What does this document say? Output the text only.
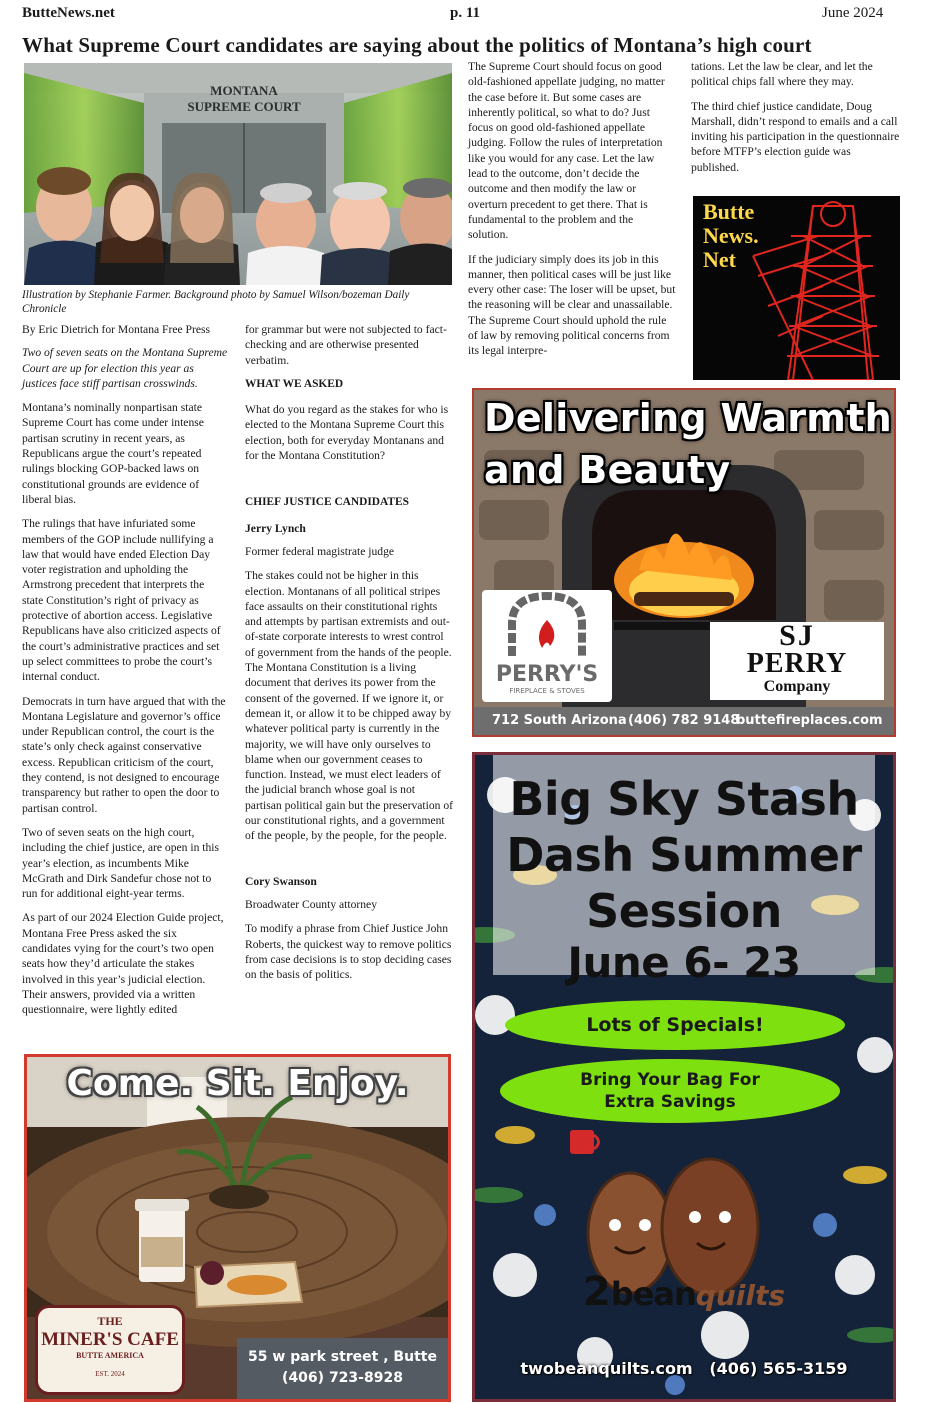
ButteNews.net	p. 11	June 2024
What Supreme Court candidates are saying about the politics of Montana’s high court
MONTANA
SUPREME COURT
Illustration by Stephanie Farmer. Background photo by Samuel Wilson/bozeman Daily Chronicle

By Eric Dietrich for Montana Free Press

Two of seven seats on the Montana Supreme Court are up for election this year as justices face stiff partisan crosswinds.

Montana’s nominally nonpartisan state Supreme Court has come under intense partisan scrutiny in recent years, as Republicans argue the court’s repeated rulings blocking GOP-backed laws on constitutional grounds are evidence of liberal bias.

The rulings that have infuriated some members of the GOP include nullifying a law that would have ended Election Day voter registration and upholding the Armstrong precedent that interprets the state Constitution’s right of privacy as protective of abortion access. Legislative Republicans have also criticized aspects of the court’s administrative practices and set up select committees to probe the court’s internal conduct.

Democrats in turn have argued that with the Montana Legislature and governor’s office under Republican control, the court is the state’s only check against conservative excess. Republican criticism of the court, they contend, is not designed to encourage transparency but rather to open the door to partisan control.

Two of seven seats on the high court, including the chief justice, are open in this year’s election, as incumbents Mike McGrath and Dirk Sandefur chose not to run for additional eight-year terms.

As part of our 2024 Election Guide project, Montana Free Press asked the six candidates vying for the court’s two open seats how they’d articulate the stakes involved in this year’s judicial election. Their answers, provided via a written questionnaire, were lightly edited

for grammar but were not subjected to fact-checking and are otherwise presented verbatim.

WHAT WE ASKED

What do you regard as the stakes for who is elected to the Montana Supreme Court this election, both for everyday Montanans and for the Montana Constitution?

CHIEF JUSTICE CANDIDATES

Jerry Lynch

Former federal magistrate judge

The stakes could not be higher in this election. Montanans of all political stripes face assaults on their constitutional rights and attempts by partisan extremists and out-of-state corporate interests to wrest control of government from the hands of the people. The Montana Constitution is a living document that derives its power from the consent of the governed. If we ignore it, or demean it, or allow it to be chipped away by whatever political party is currently in the majority, we will have only ourselves to blame when our government ceases to function. Instead, we must elect leaders of the judicial branch whose goal is not partisan political gain but the preservation of our constitutional rights, and a government of the people, by the people, for the people.

Cory Swanson

Broadwater County attorney

To modify a phrase from Chief Justice John Roberts, the quickest way to remove politics from case decisions is to stop deciding cases on the basis of politics.

The Supreme Court should focus on good old-fashioned appellate judging, no matter the case before it. But some cases are inherently political, so what to do? Just focus on good old-fashioned appellate judging. Follow the rules of interpretation like you would for any case. Let the law lead to the outcome, don’t decide the outcome and then modify the law or overturn precedent to get there. That is fundamental to the problem and the solution.

If the judiciary simply does its job in this manner, then political cases will be just like every other case: The loser will be upset, but the reasoning will be clear and unassailable. The Supreme Court should uphold the rule of law by removing political concerns from its legal interpre-

tations. Let the law be clear, and let the political chips fall where they may.

The third chief justice candidate, Doug Marshall, didn’t respond to emails and a call inviting his participation in the questionnaire before MTFP’s election guide was published.

Butte
News.
Net
Delivering Warmth
and Beauty
PERRY'S
FIREPLACE & STOVES
SJ
PERRY
Company
712 South Arizona (406) 782 9148
buttefireplaces.com
Big Sky Stash
Dash Summer
Session
June 6- 23
Lots of Specials!
Bring Your Bag For
Extra Savings
2beanquilts
twobeanquilts.com (406) 565-3159
Come. Sit. Enjoy.
THE
MINER'S CAFE
BUTTE AMERICA
EST. 2024
55 w park street , Butte
(406) 723-8928
